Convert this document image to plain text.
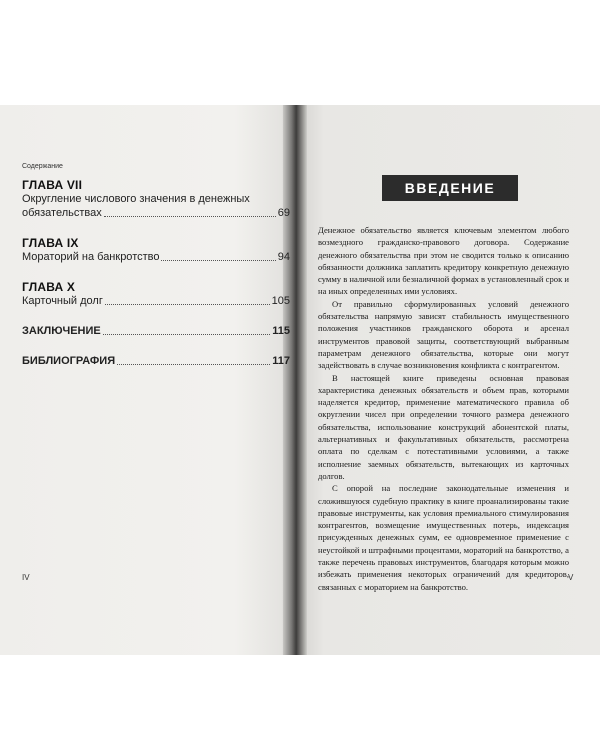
Содержание
ГЛАВА VII
Округление числового значения в денежных
обязательствах	69
ГЛАВА IX
Мораторий на банкротство	94
ГЛАВА X
Карточный долг	105
ЗАКЛЮЧЕНИЕ	115
БИБЛИОГРАФИЯ	117
IV
ВВЕДЕНИЕ

Денежное обязательство является ключевым элементом любого возмездного гражданско-правового договора. Содержание денежного обязательства при этом не сводится только к описанию обязанности должника заплатить кредитору конкретную денежную сумму в наличной или безналичной формах в установленный срок и на иных определенных ими условиях.

От правильно сформулированных условий денежного обязательства напрямую зависят стабильность имущественного положения участников гражданского оборота и арсенал инструментов правовой защиты, соответствующий выбранным параметрам денежного обязательства, которые они могут задействовать в случае возникновения конфликта с контрагентом.

В настоящей книге приведены основная правовая характеристика денежных обязательств и объем прав, которыми наделяется кредитор, применение математического правила об округлении чисел при определении точного размера денежного обязательства, использование конструкций абонентской платы, альтернативных и факультативных обязательств, рассмотрена оплата по сделкам с потестативными условиями, а также исполнение заемных обязательств, вытекающих из карточных долгов.

С опорой на последние законодательные изменения и сложившуюся судебную практику в книге проанализированы такие правовые инструменты, как условия премиального стимулирования контрагентов, возмещение имущественных потерь, индексация присужденных денежных сумм, ее одновременное применение с неустойкой и штрафными процентами, мораторий на банкротство, а также перечень правовых инструментов, благодаря которым можно избежать применения некоторых ограничений для кредиторов, связанных с мораторием на банкротство.

V
